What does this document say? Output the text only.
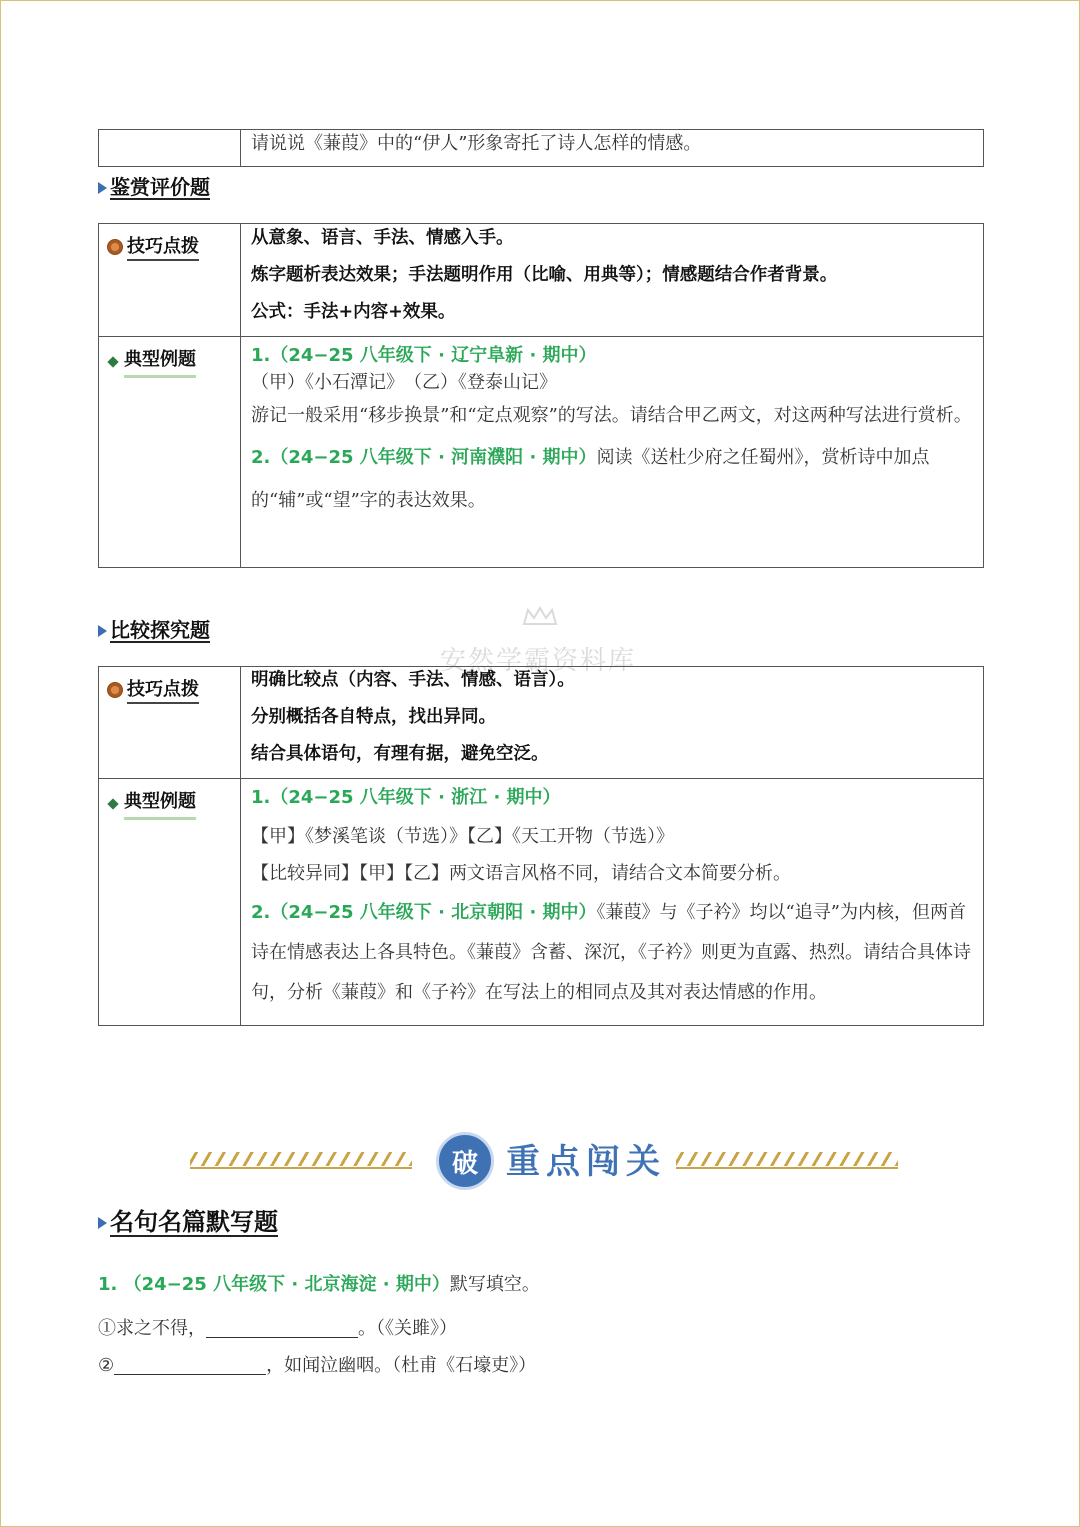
请说说《蒹葭》中的“伊人”形象寄托了诗人怎样的情感。
鉴赏评价题
技巧点拨	从意象、语言、手法、情感入手。
炼字题析表达效果；手法题明作用（比喻、用典等）；情感题结合作者背景。
公式：手法+内容+效果。

典型例题	1.（24−25 八年级下 · 辽宁阜新 · 期中）
（甲）《小石潭记》　（乙）《登泰山记》
游记一般采用“移步换景”和“定点观察”的写法。请结合甲乙两文，对这两种写法进行赏析。
2.（24−25 八年级下 · 河南濮阳 · 期中）阅读《送杜少府之任蜀州》，赏析诗中加点的“辅”或“望”字的表达效果。
安然学霸资料库
比较探究题
技巧点拨	明确比较点（内容、手法、情感、语言）。
分别概括各自特点，找出异同。
结合具体语句，有理有据，避免空泛。

典型例题	1.（24−25 八年级下 · 浙江 · 期中）
【甲】《梦溪笔谈（节选）》【乙】《天工开物（节选）》
【比较异同】【甲】【乙】两文语言风格不同，请结合文本简要分析。
2.（24−25 八年级下 · 北京朝阳 · 期中）《蒹葭》与《子衿》均以“追寻”为内核，但两首诗在情感表达上各具特色。《蒹葭》含蓄、深沉，《子衿》则更为直露、热烈。请结合具体诗句，分析《蒹葭》和《子衿》在写法上的相同点及其对表达情感的作用。
破 重点闯关
名句名篇默写题
1. （24−25 八年级下 · 北京海淀 · 期中）默写填空。
①求之不得，	。（《关雎》）
②	，如闻泣幽咽。（杜甫《石壕吏》）
